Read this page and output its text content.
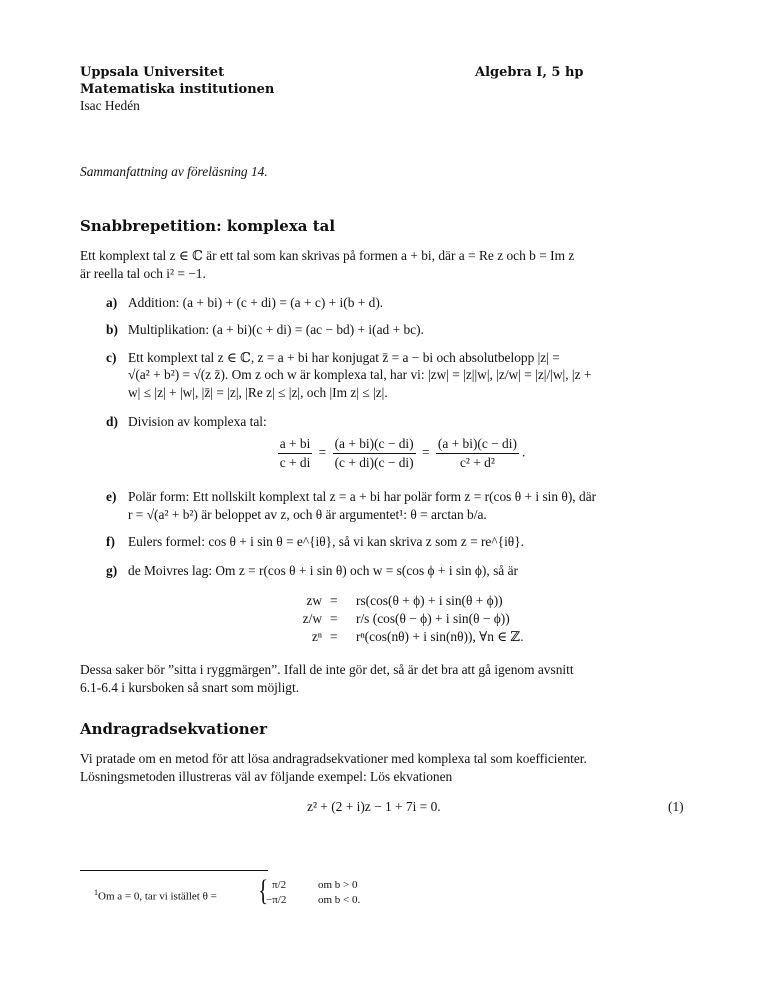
Uppsala Universitet
Matematiska institutionen
Isac Hedén
Algebra I, 5 hp
Sammanfattning av föreläsning 14.
Snabbrepetition: komplexa tal
Ett komplext tal z ∈ ℂ är ett tal som kan skrivas på formen a + bi, där a = Re z och b = Im z
är reella tal och i² = −1.
a) Addition: (a + bi) + (c + di) = (a + c) + i(b + d).
b) Multiplikation: (a + bi)(c + di) = (ac − bd) + i(ad + bc).
c) Ett komplext tal z ∈ ℂ, z = a + bi har konjugat z̄ = a − bi och absolutbelopp |z| =
√(a² + b²) = √(z z̄). Om z och w är komplexa tal, har vi: |zw| = |z||w|, |z/w| = |z|/|w|, |z +
w| ≤ |z| + |w|, |z̄| = |z|, |Re z| ≤ |z|, och |Im z| ≤ |z|.
d) Division av komplexa tal:
$\frac{a + bi}{c + di} = \frac{(a + bi)(c - di)}{(c + di)(c - di)} = \frac{(a + bi)(c - di)}{\text{c² + d²}}$ .
e) Polär form: Ett nollskilt komplext tal z = a + bi har polär form z = r(cos θ + i sin θ), där
r = √(a² + b²) är beloppet av z, och θ är argumentet¹: θ = arctan b/a.
f) Eulers formel: cos θ + i sin θ = e^{iθ}, så vi kan skriva z som z = re^{iθ}.
g) de Moivres lag: Om z = r(cos θ + i sin θ) och w = s(cos ϕ + i sin ϕ), så är
zw = rs(cos(θ + ϕ) + i sin(θ + ϕ))
z/w = r/s (cos(θ − ϕ) + i sin(θ − ϕ))
zⁿ = rⁿ(cos(nθ) + i sin(nθ)), ∀n ∈ ℤ.
Dessa saker bör ”sitta i ryggmärgen”. Ifall de inte gör det, så är det bra att gå igenom avsnitt
6.1-6.4 i kursboken så snart som möjligt.
Andragradsekvationer
Vi pratade om en metod för att lösa andragradsekvationer med komplexa tal som koefficienter.
Lösningsmetoden illustreras väl av följande exempel: Lös ekvationen
z² + (2 + i)z − 1 + 7i = 0.	(1)
$^1$Om a = 0, tar vi istället θ = { π/2	om b > 0
−π/2	om b < 0.
